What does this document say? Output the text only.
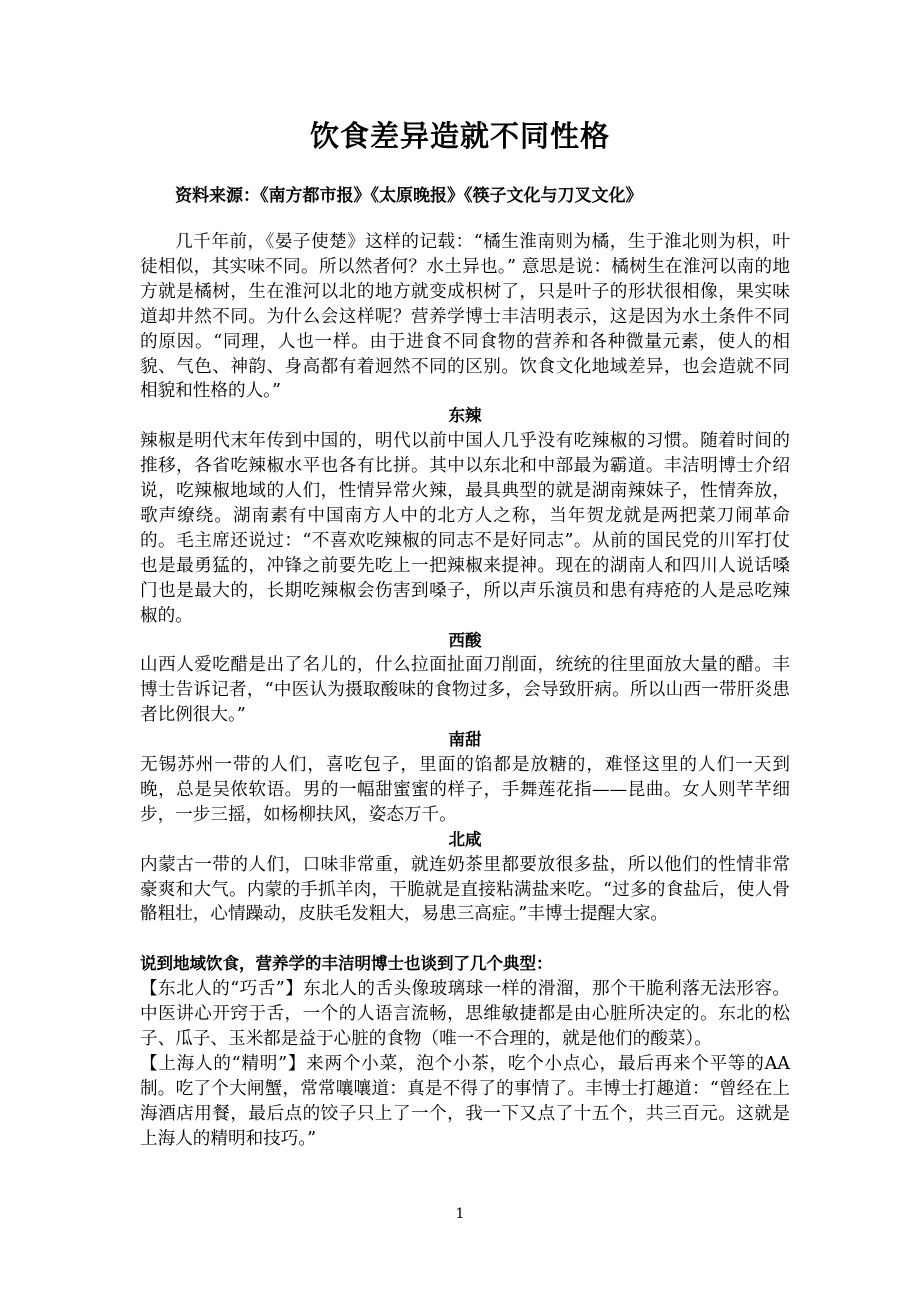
饮食差异造就不同性格
资料来源：《南方都市报》《太原晚报》《筷子文化与刀叉文化》

几千年前，《晏子使楚》这样的记载：“橘生淮南则为橘，生于淮北则为枳，叶徒相似，其实味不同。所以然者何？水土异也。” 意思是说：橘树生在淮河以南的地方就是橘树，生在淮河以北的地方就变成枳树了，只是叶子的形状很相像，果实味道却井然不同。为什么会这样呢？营养学博士丰洁明表示，这是因为水土条件不同的原因。“同理，人也一样。由于进食不同食物的营养和各种微量元素，使人的相貌、气色、神韵、身高都有着迥然不同的区别。饮食文化地域差异，也会造就不同相貌和性格的人。”

东辣

辣椒是明代末年传到中国的，明代以前中国人几乎没有吃辣椒的习惯。随着时间的推移，各省吃辣椒水平也各有比拼。其中以东北和中部最为霸道。丰洁明博士介绍说，吃辣椒地域的人们，性情异常火辣，最具典型的就是湖南辣妹子，性情奔放，歌声缭绕。湖南素有中国南方人中的北方人之称，当年贺龙就是两把菜刀闹革命的。毛主席还说过：“不喜欢吃辣椒的同志不是好同志”。从前的国民党的川军打仗也是最勇猛的，冲锋之前要先吃上一把辣椒来提神。现在的湖南人和四川人说话嗓门也是最大的，长期吃辣椒会伤害到嗓子，所以声乐演员和患有痔疮的人是忌吃辣椒的。

西酸

山西人爱吃醋是出了名儿的，什么拉面扯面刀削面，统统的往里面放大量的醋。丰博士告诉记者，“中医认为摄取酸味的食物过多，会导致肝病。所以山西一带肝炎患者比例很大。”

南甜

无锡苏州一带的人们，喜吃包子，里面的馅都是放糖的，难怪这里的人们一天到晚，总是吴侬软语。男的一幅甜蜜蜜的样子，手舞莲花指——昆曲。女人则芊芊细步，一步三摇，如杨柳扶风，姿态万千。

北咸

内蒙古一带的人们，口味非常重，就连奶茶里都要放很多盐，所以他们的性情非常豪爽和大气。内蒙的手抓羊肉，干脆就是直接粘满盐来吃。“过多的食盐后，使人骨骼粗壮，心情躁动，皮肤毛发粗大，易患三高症。”丰博士提醒大家。

说到地域饮食，营养学的丰洁明博士也谈到了几个典型：

【东北人的“巧舌”】东北人的舌头像玻璃球一样的滑溜，那个干脆利落无法形容。中医讲心开窍于舌，一个的人语言流畅，思维敏捷都是由心脏所决定的。东北的松子、瓜子、玉米都是益于心脏的食物（唯一不合理的，就是他们的酸菜）。

【上海人的“精明”】来两个小菜，泡个小茶，吃个小点心，最后再来个平等的AA制。吃了个大闸蟹，常常嚷嚷道：真是不得了的事情了。丰博士打趣道：“曾经在上海酒店用餐，最后点的饺子只上了一个，我一下又点了十五个，共三百元。这就是上海人的精明和技巧。”

1
